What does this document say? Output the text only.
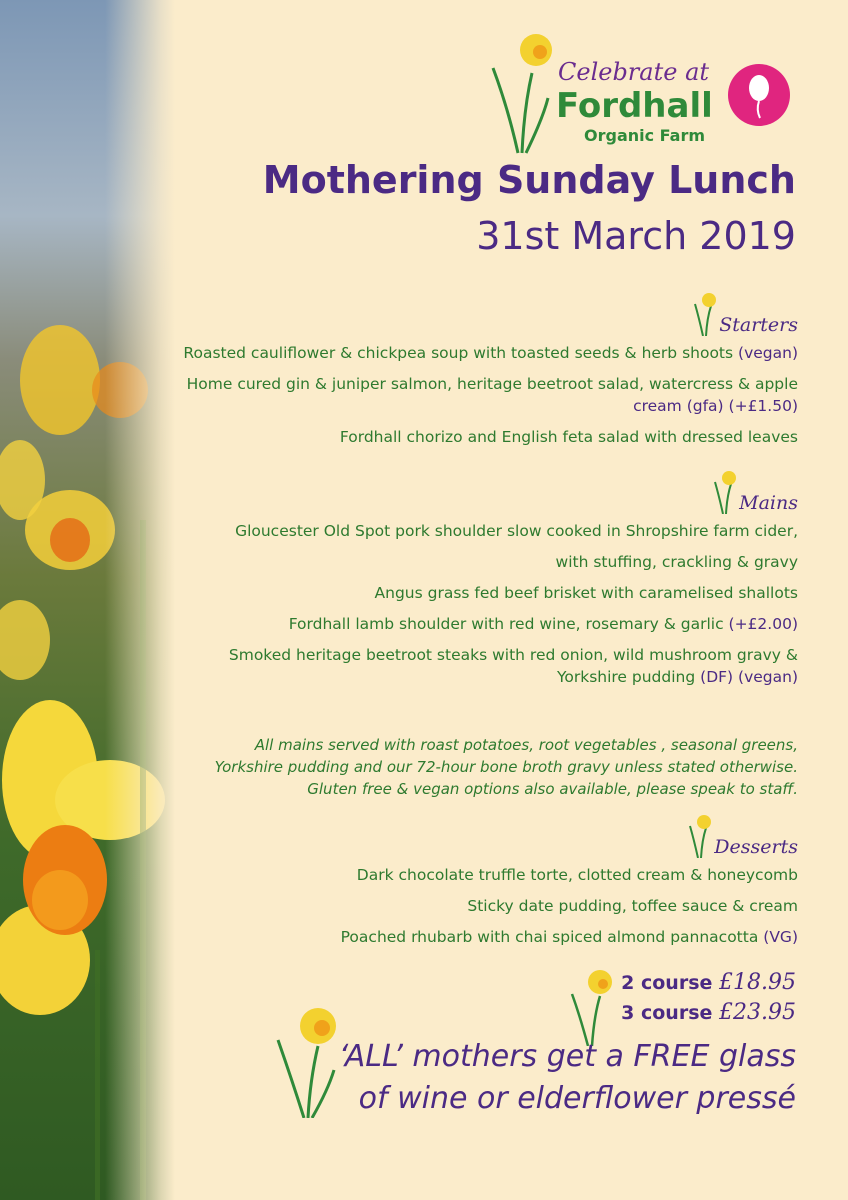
Celebrate at
Fordhall
Organic Farm
Mothering Sunday Lunch
31st March 2019
Starters
Roasted cauliflower & chickpea soup with toasted seeds & herb shoots (vegan)
Home cured gin & juniper salmon, heritage beetroot salad, watercress & apple
cream (gfa) (+£1.50)
Fordhall chorizo and English feta salad with dressed leaves
Mains
Gloucester Old Spot pork shoulder slow cooked in Shropshire farm cider,
with stuffing, crackling & gravy
Angus grass fed beef brisket with caramelised shallots
Fordhall lamb shoulder with red wine, rosemary & garlic (+£2.00)
Smoked heritage beetroot steaks with red onion, wild mushroom gravy &
Yorkshire pudding (DF) (vegan)
All mains served with roast potatoes, root vegetables , seasonal greens,
Yorkshire pudding and our 72-hour bone broth gravy unless stated otherwise.
Gluten free & vegan options also available, please speak to staff.
Desserts
Dark chocolate truffle torte, clotted cream & honeycomb
Sticky date pudding, toffee sauce & cream
Poached rhubarb with chai spiced almond pannacotta (VG)
2 course £18.95
3 course £23.95
‘ALL’ mothers get a FREE glass
of wine or elderflower pressé
